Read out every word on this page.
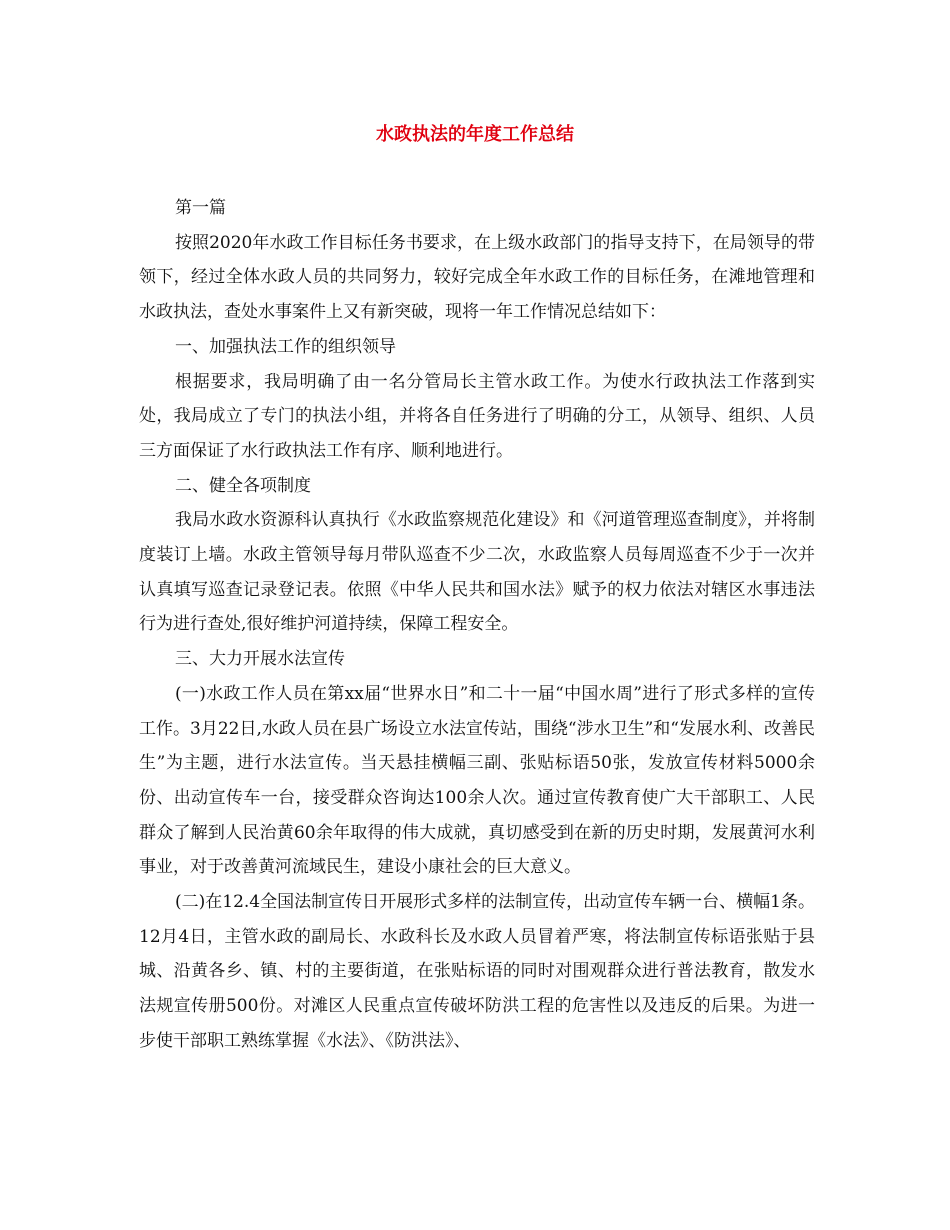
水政执法的年度工作总结

第一篇

按照2020年水政工作目标任务书要求，在上级水政部门的指导支持下，在局领导的带领下，经过全体水政人员的共同努力，较好完成全年水政工作的目标任务，在滩地管理和水政执法，查处水事案件上又有新突破，现将一年工作情况总结如下：

一、加强执法工作的组织领导

根据要求，我局明确了由一名分管局长主管水政工作。为使水行政执法工作落到实处，我局成立了专门的执法小组，并将各自任务进行了明确的分工，从领导、组织、人员三方面保证了水行政执法工作有序、顺利地进行。

二、健全各项制度

我局水政水资源科认真执行《水政监察规范化建设》和《河道管理巡查制度》，并将制度装订上墙。水政主管领导每月带队巡查不少二次，水政监察人员每周巡查不少于一次并认真填写巡查记录登记表。依照《中华人民共和国水法》赋予的权力依法对辖区水事违法行为进行查处,很好维护河道持续，保障工程安全。

三、大力开展水法宣传

(一)水政工作人员在第xx届“世界水日”和二十一届“中国水周”进行了形式多样的宣传工作。3月22日,水政人员在县广场设立水法宣传站，围绕“涉水卫生”和“发展水利、改善民生”为主题，进行水法宣传。当天悬挂横幅三副、张贴标语50张，发放宣传材料5000余份、出动宣传车一台，接受群众咨询达100余人次。通过宣传教育使广大干部职工、人民群众了解到人民治黄60余年取得的伟大成就，真切感受到在新的历史时期，发展黄河水利事业，对于改善黄河流域民生，建设小康社会的巨大意义。

(二)在12.4全国法制宣传日开展形式多样的法制宣传，出动宣传车辆一台、横幅1条。12月4日，主管水政的副局长、水政科长及水政人员冒着严寒，将法制宣传标语张贴于县城、沿黄各乡、镇、村的主要街道，在张贴标语的同时对围观群众进行普法教育，散发水法规宣传册500份。对滩区人民重点宣传破坏防洪工程的危害性以及违反的后果。为进一步使干部职工熟练掌握《水法》、《防洪法》、
